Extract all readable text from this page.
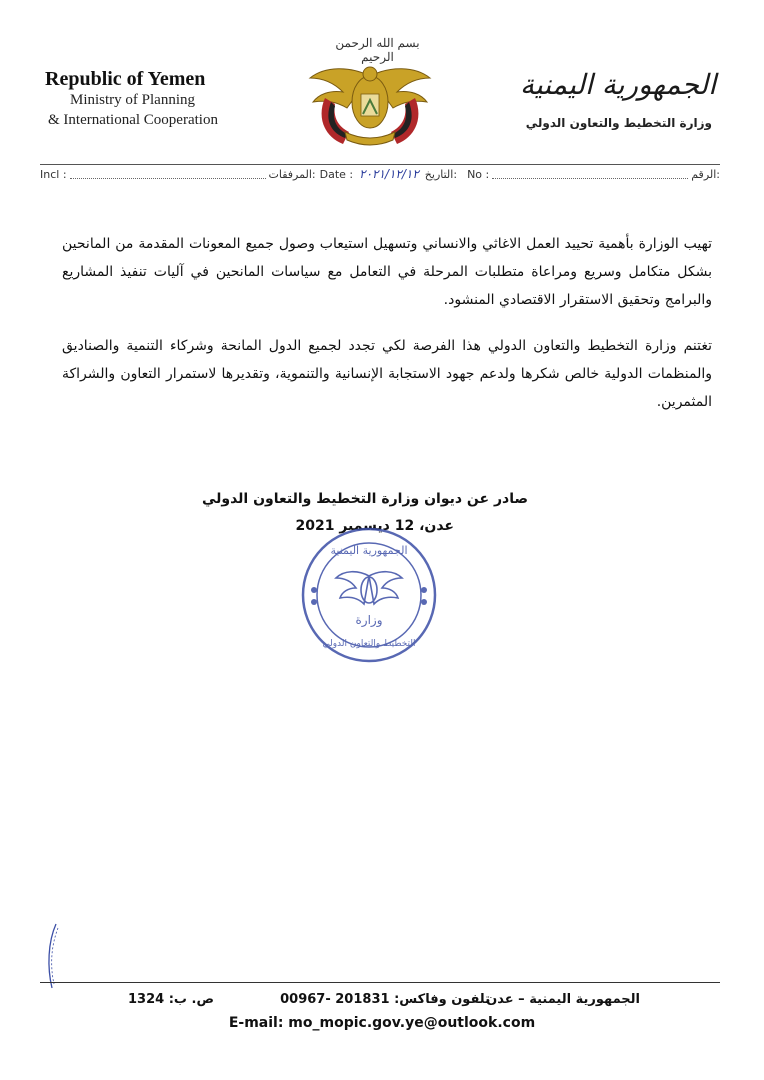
Republic of Yemen
Ministry of Planning
& International Cooperation
بسم الله الرحمن الرحيم
الجمهورية اليمنية
وزارة التخطيط والتعاون الدولي
Incl :	المرفقات: Date : ٢٠٢١/١٢/١٢ التاريخ: No :	الرقم:
تهيب الوزارة بأهمية تحييد العمل الاغاثي والانساني وتسهيل استيعاب وصول جميع المعونات المقدمة من المانحين بشكل متكامل وسريع ومراعاة متطلبات المرحلة في التعامل مع سياسات المانحين في آليات تنفيذ المشاريع والبرامج وتحقيق الاستقرار الاقتصادي المنشود.
تغتنم وزارة التخطيط والتعاون الدولي هذا الفرصة لكي تجدد لجميع الدول المانحة وشركاء التنمية والصناديق والمنظمات الدولية خالص شكرها ولدعم جهود الاستجابة الإنسانية والتنموية، وتقديرها لاستمرار التعاون والشراكة المثمرين.
صادر عن ديوان وزارة التخطيط والتعاون الدولي
عدن، 12 ديسمبر 2021
الجمهورية اليمنية
وزارة
التخطيط والتعاون الدولي
الجمهورية اليمنية – عدن
تلفون وفاكس: 201831 -00967
ص. ب: 1324
E-mail: mo_mopic.gov.ye@outlook.com
